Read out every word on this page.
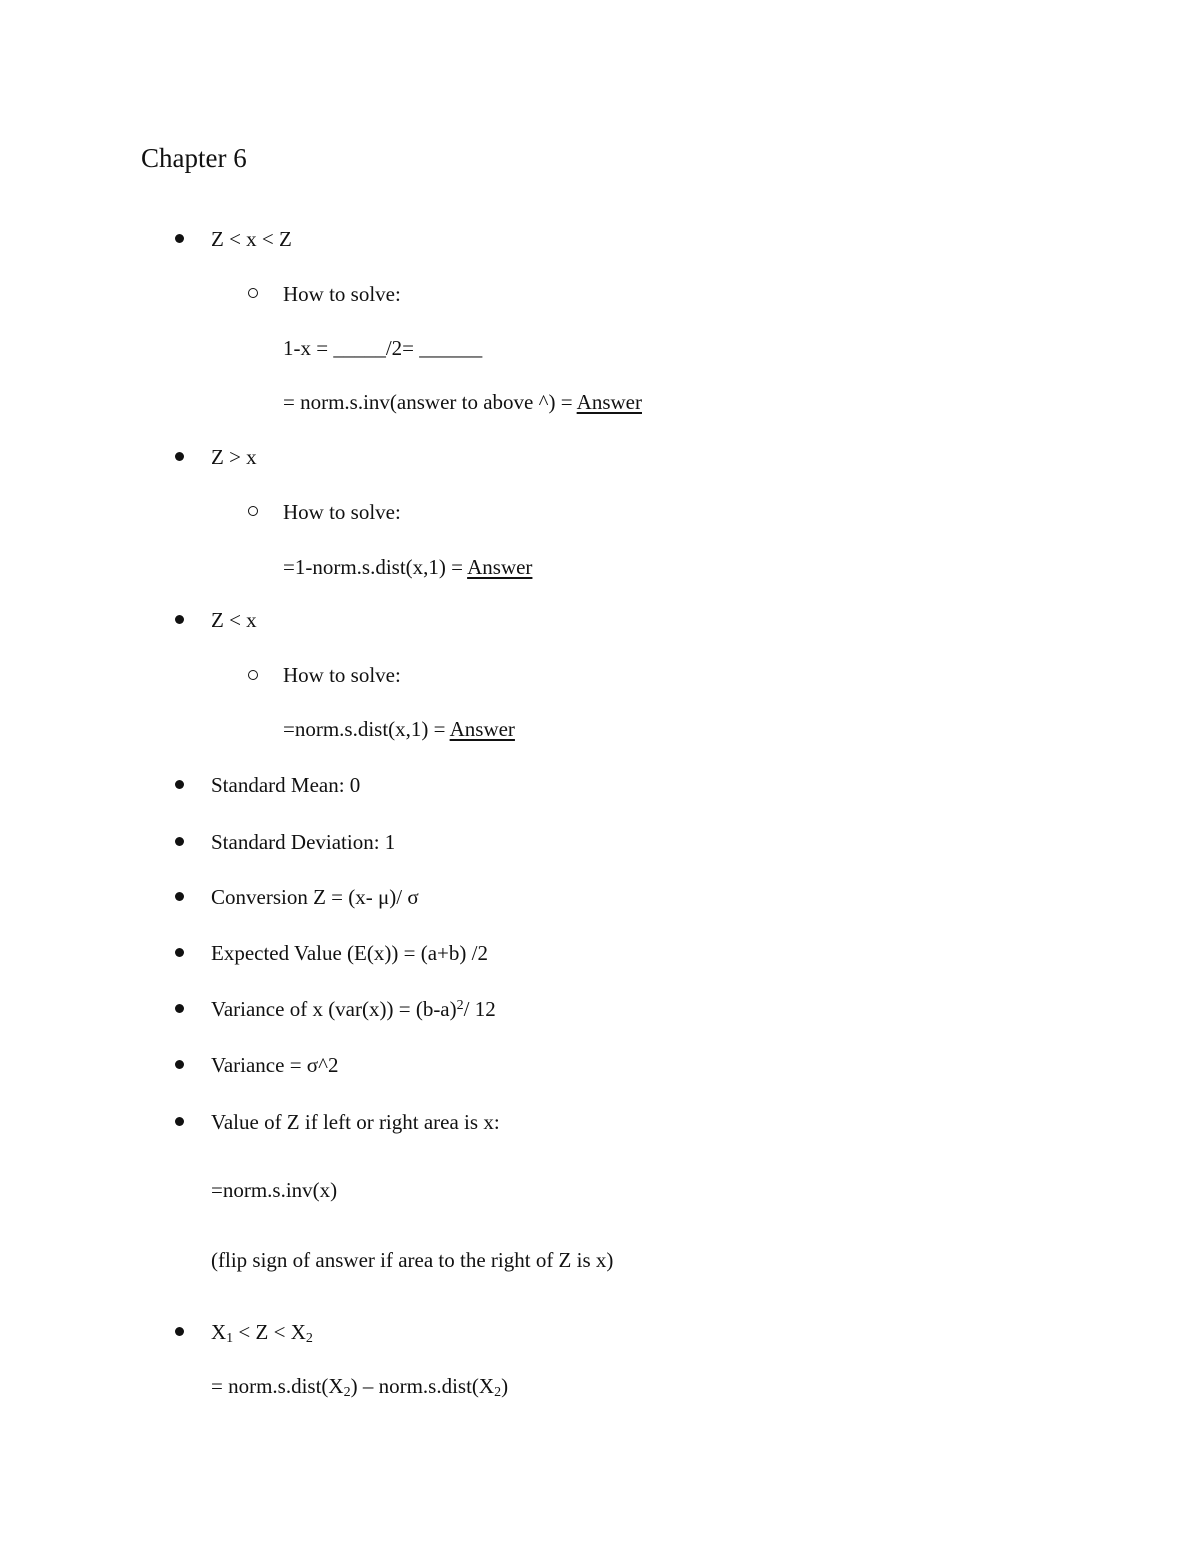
Chapter 6
Z < x < Z
How to solve:
1-x = _____/2= ______
= norm.s.inv(answer to above ^) = Answer
Z > x
How to solve:
=1-norm.s.dist(x,1) = Answer
Z < x
How to solve:
=norm.s.dist(x,1) = Answer
Standard Mean: 0
Standard Deviation: 1
Conversion Z = (x- μ)/ σ
Expected Value (E(x)) = (a+b) /2
Variance of x $(var(x)) = (b-a)^2/$ 12
Variance = σ^2
Value of Z if left or right area is x:
=norm.s.inv(x)
(flip sign of answer if area to the right of Z is x)
$X_1 < Z < X_2$
= $norm.s.dist(X_2)$ – $norm.s.dist(X_2)$
